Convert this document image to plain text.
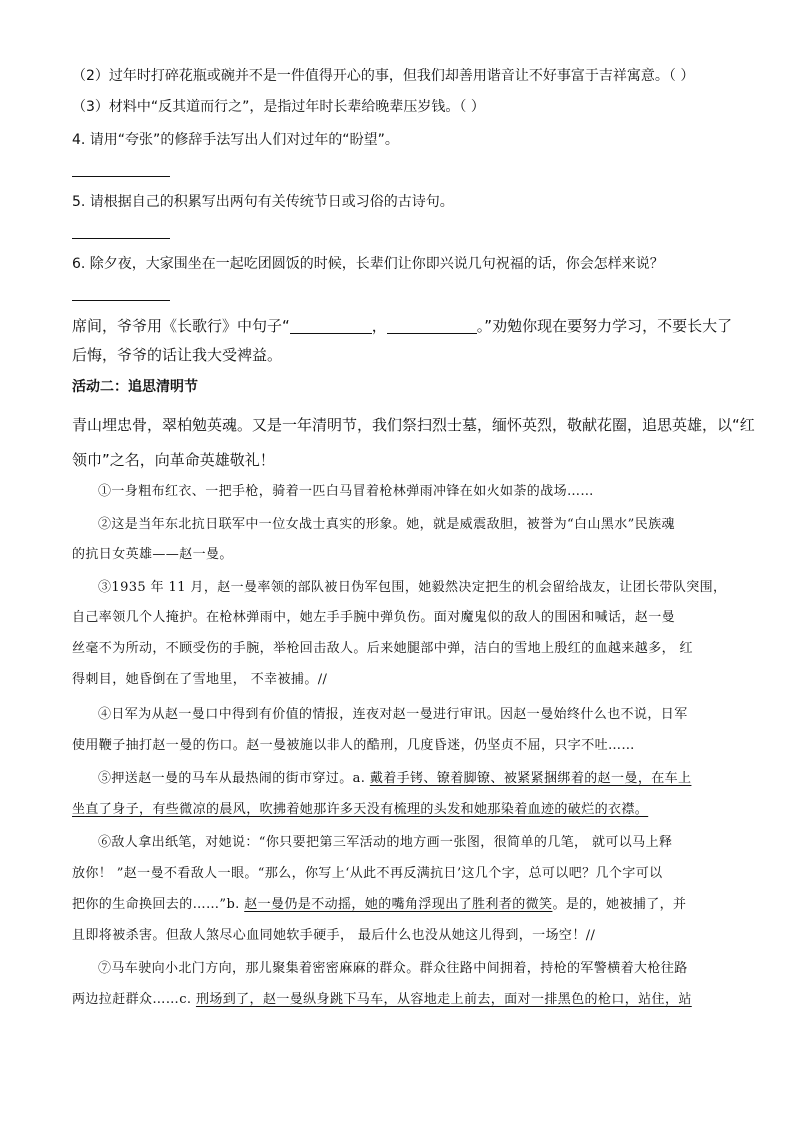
（2）过年时打碎花瓶或碗并不是一件值得开心的事，但我们却善用谐音让不好事富于吉祥寓意。（ ）
（3）材料中“反其道而行之”，是指过年时长辈给晚辈压岁钱。（ ）
4. 请用“夸张”的修辞手法写出人们对过年的“盼望”。
5. 请根据自己的积累写出两句有关传统节日或习俗的古诗句。
6. 除夕夜，大家围坐在一起吃团圆饭的时候，长辈们让你即兴说几句祝福的话，你会怎样来说？
席间，爷爷用《长歌行》中句子“	，	。”劝勉你现在要努力学习，不要长大了
后悔，爷爷的话让我大受裨益。
活动二：追思清明节
青山埋忠骨，翠柏勉英魂。又是一年清明节，我们祭扫烈士墓，缅怀英烈，敬献花圈，追思英雄，以“红
领巾”之名，向革命英雄敬礼！
①一身粗布红衣、一把手枪，骑着一匹白马冒着枪林弹雨冲锋在如火如荼的战场……
②这是当年东北抗日联军中一位女战士真实的形象。她，就是威震敌胆，被誉为“白山黑水”民族魂
的抗日女英雄——赵一曼。
③1935 年 11 月，赵一曼率领的部队被日伪军包围，她毅然决定把生的机会留给战友，让团长带队突围，
自己率领几个人掩护。在枪林弹雨中，她左手手腕中弹负伤。面对魔鬼似的敌人的围困和喊话，赵一曼
丝毫不为所动，不顾受伤的手腕，举枪回击敌人。后来她腿部中弹，洁白的雪地上殷红的血越来越多， 红
得刺目，她昏倒在了雪地里， 不幸被捕。//
④日军为从赵一曼口中得到有价值的情报，连夜对赵一曼进行审讯。因赵一曼始终什么也不说，日军
使用鞭子抽打赵一曼的伤口。赵一曼被施以非人的酷刑，几度昏迷，仍坚贞不屈，只字不吐……
⑤押送赵一曼的马车从最热闹的街市穿过。a. 戴着手铐、镣着脚镣、被紧紧捆绑着的赵一曼，在车上
坐直了身子，有些微凉的晨风，吹拂着她那许多天没有梳理的头发和她那染着血迹的破烂的衣襟。
⑥敌人拿出纸笔，对她说：“你只要把第三军活动的地方画一张图，很简单的几笔， 就可以马上释
放你！ ”赵一曼不看敌人一眼。“那么，你写上‘从此不再反满抗日’这几个字，总可以吧？几个字可以
把你的生命换回去的……”b. 赵一曼仍是不动摇，她的嘴角浮现出了胜利者的微笑。是的，她被捕了，并
且即将被杀害。但敌人煞尽心血同她软手硬手， 最后什么也没从她这儿得到，一场空！//
⑦马车驶向小北门方向，那儿聚集着密密麻麻的群众。群众往路中间拥着，持枪的军警横着大枪往路
两边拉赶群众……c. 刑场到了，赵一曼纵身跳下马车，从容地走上前去，面对一排黑色的枪口，站住，站
